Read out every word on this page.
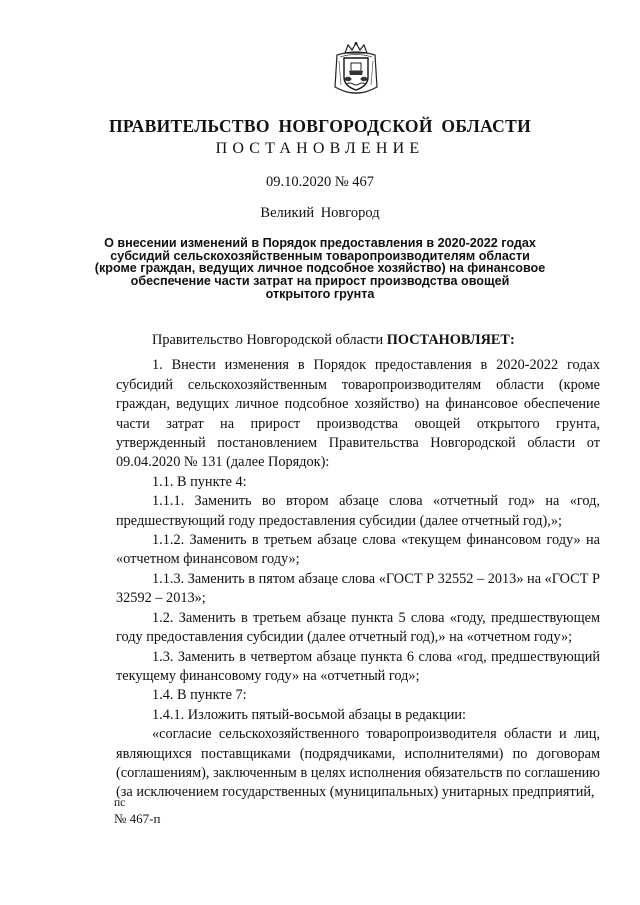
ПРАВИТЕЛЬСТВО НОВГОРОДСКОЙ ОБЛАСТИ
ПОСТАНОВЛЕНИЕ
09.10.2020 № 467
Великий Новгород
О внесении изменений в Порядок предоставления в 2020-2022 годах
субсидий сельскохозяйственным товаропроизводителям области
(кроме граждан, ведущих личное подсобное хозяйство) на финансовое
обеспечение части затрат на прирост производства овощей
открытого грунта

Правительство Новгородской области ПОСТАНОВЛЯЕТ:

1. Внести изменения в Порядок предоставления в 2020-2022 годах субсидий сельскохозяйственным товаропроизводителям области (кроме граждан, ведущих личное подсобное хозяйство) на финансовое обеспечение части затрат на прирост производства овощей открытого грунта, утвержденный постановлением Правительства Новгородской области от 09.04.2020 № 131 (далее Порядок):

1.1. В пункте 4:

1.1.1. Заменить во втором абзаце слова «отчетный год» на «год, предшествующий году предоставления субсидии (далее отчетный год),»;

1.1.2. Заменить в третьем абзаце слова «текущем финансовом году» на «отчетном финансовом году»;

1.1.3. Заменить в пятом абзаце слова «ГОСТ Р 32552 – 2013» на «ГОСТ Р 32592 – 2013»;

1.2. Заменить в третьем абзаце пункта 5 слова «году, предшествующем году предоставления субсидии (далее отчетный год),» на «отчетном году»;

1.3. Заменить в четвертом абзаце пункта 6 слова «год, предшествующий текущему финансовому году» на «отчетный год»;

1.4. В пункте 7:

1.4.1. Изложить пятый-восьмой абзацы в редакции:

«согласие сельскохозяйственного товаропроизводителя области и лиц, являющихся поставщиками (подрядчиками, исполнителями) по договорам (соглашениям), заключенным в целях исполнения обязательств по соглашению (за исключением государственных (муниципальных) унитарных предприятий,

пс
№ 467-п
